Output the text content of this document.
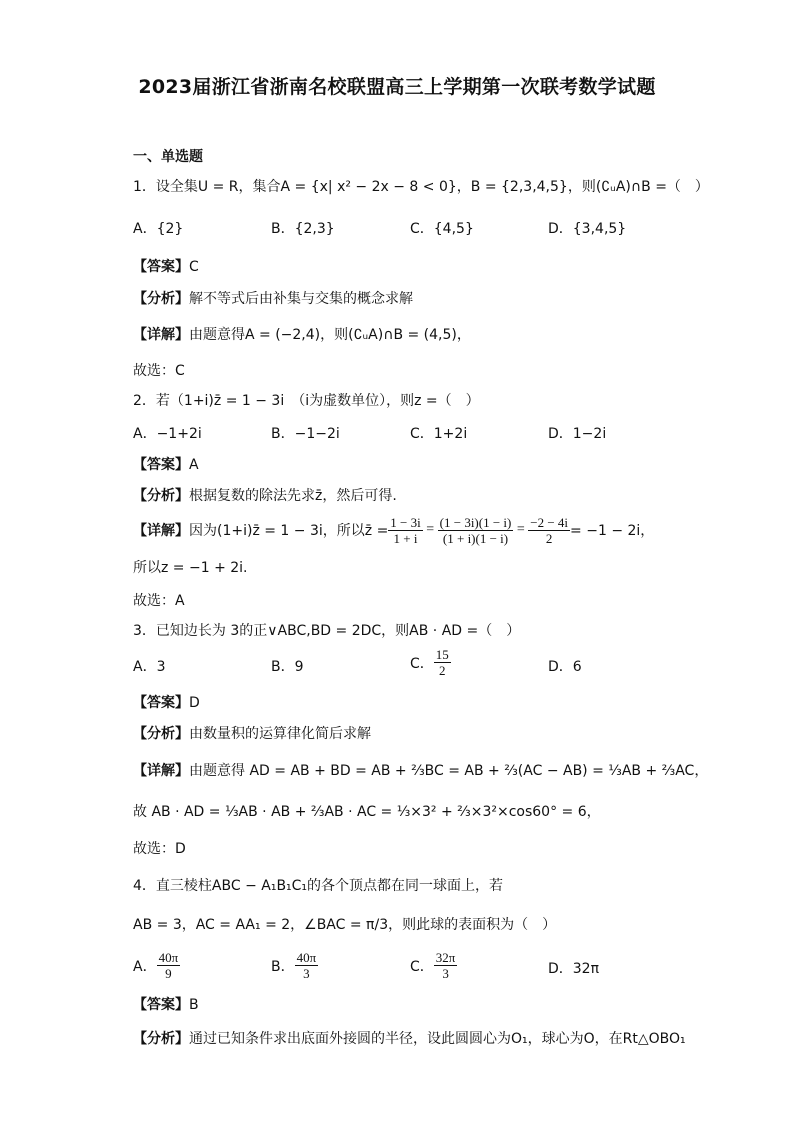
2023届浙江省浙南名校联盟高三上学期第一次联考数学试题
一、单选题
1．设全集U = R，集合A = {x| x² − 2x − 8 < 0}，B = {2,3,4,5}，则(∁ᵤA)∩B =（　）
A．{2}	B．{2,3}	C．{4,5}	D．{3,4,5}
【答案】C
【分析】解不等式后由补集与交集的概念求解
【详解】由题意得A = (−2,4)，则(∁ᵤA)∩B = (4,5)，
故选：C
2．若（1+i)z̄ = 1 − 3i　（i为虚数单位），则z =（　）
A．−1+2i	B．−1−2i	C．1+2i	D．1−2i
【答案】A
【分析】根据复数的除法先求z̄，然后可得.
【详解】 因为(1+i)z̄ = 1 − 3i，所以z̄ = $\frac{1 - 3i}{1 + i} = \frac{(1 - 3i)(1 - i)}{(1 + i)(1 - i)} = \frac{-2 - 4i}{2} = -1 - 2i$，
所以z = −1 + 2i.
故选：A
3．已知边长为 3的正∨ABC,BD = 2DC，则AB · AD =（　）
A．3	B．9	C． $\frac{15}{2}$	D．6
【答案】D
【分析】由数量积的运算律化简后求解
【详解】由题意得 AD = AB + BD = AB + ⅔BC = AB + ⅔(AC − AB) = ⅓AB + ⅔AC，
故 AB · AD = ⅓AB · AB + ⅔AB · AC = ⅓×3² + ⅔×3²×cos60° = 6，
故选：D
4．直三棱柱ABC − A₁B₁C₁的各个顶点都在同一球面上，若
AB = 3，AC = AA₁ = 2，∠BAC = π/3，则此球的表面积为（　）
A． $\frac{40\pi}{9}$	B． $\frac{40\pi}{3}$	C． $\frac{32\pi}{3}$	D．32π
【答案】B
【分析】通过已知条件求出底面外接圆的半径，设此圆圆心为O₁，球心为O，在Rt△OBO₁
